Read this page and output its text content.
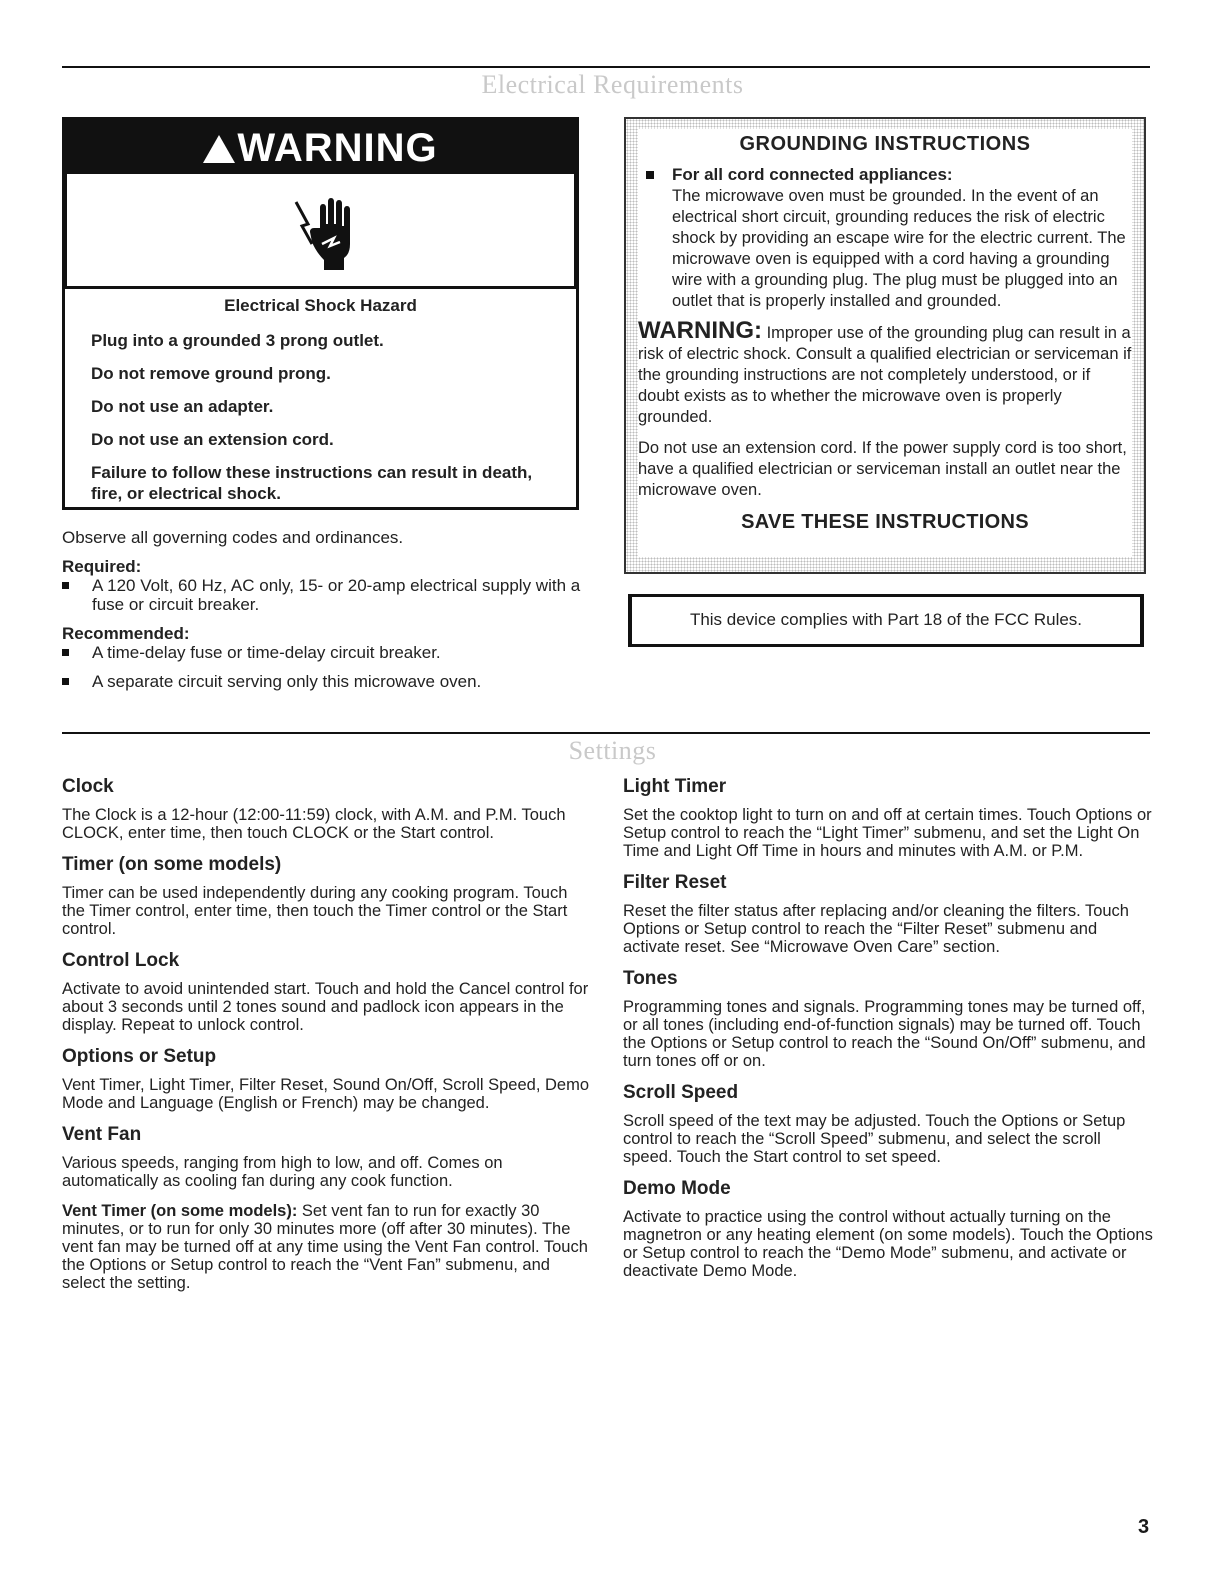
Electrical Requirements
WARNING

Electrical Shock Hazard

Plug into a grounded 3 prong outlet.

Do not remove ground prong.

Do not use an adapter.

Do not use an extension cord.

Failure to follow these instructions can result in death, fire, or electrical shock.

Observe all governing codes and ordinances.

Required:

A 120 Volt, 60 Hz, AC only, 15- or 20-amp electrical supply with a fuse or circuit breaker.

Recommended:

A time-delay fuse or time-delay circuit breaker.
A separate circuit serving only this microwave oven.
GROUNDING INSTRUCTIONS
For all cord connected appliances:
The microwave oven must be grounded. In the event of an electrical short circuit, grounding reduces the risk of electric shock by providing an escape wire for the electric current. The microwave oven is equipped with a cord having a grounding wire with a grounding plug. The plug must be plugged into an outlet that is properly installed and grounded.
WARNING: Improper use of the grounding plug can result in a risk of electric shock. Consult a qualified electrician or serviceman if the grounding instructions are not completely understood, or if doubt exists as to whether the microwave oven is properly grounded.
Do not use an extension cord. If the power supply cord is too short, have a qualified electrician or serviceman install an outlet near the microwave oven.
SAVE THESE INSTRUCTIONS
This device complies with Part 18 of the FCC Rules.
Settings
Clock

The Clock is a 12-hour (12:00-11:59) clock, with A.M. and P.M. Touch CLOCK, enter time, then touch CLOCK or the Start control.

Timer (on some models)

Timer can be used independently during any cooking program. Touch the Timer control, enter time, then touch the Timer control or the Start control.

Control Lock

Activate to avoid unintended start. Touch and hold the Cancel control for about 3 seconds until 2 tones sound and padlock icon appears in the display. Repeat to unlock control.

Options or Setup

Vent Timer, Light Timer, Filter Reset, Sound On/Off, Scroll Speed, Demo Mode and Language (English or French) may be changed.

Vent Fan

Various speeds, ranging from high to low, and off. Comes on automatically as cooling fan during any cook function.

Vent Timer (on some models): Set vent fan to run for exactly 30 minutes, or to run for only 30 minutes more (off after 30 minutes). The vent fan may be turned off at any time using the Vent Fan control. Touch the Options or Setup control to reach the “Vent Fan” submenu, and select the setting.

Light Timer

Set the cooktop light to turn on and off at certain times. Touch Options or Setup control to reach the “Light Timer” submenu, and set the Light On Time and Light Off Time in hours and minutes with A.M. or P.M.

Filter Reset

Reset the filter status after replacing and/or cleaning the filters. Touch Options or Setup control to reach the “Filter Reset” submenu and activate reset. See “Microwave Oven Care” section.

Tones

Programming tones and signals. Programming tones may be turned off, or all tones (including end-of-function signals) may be turned off. Touch the Options or Setup control to reach the “Sound On/Off” submenu, and turn tones off or on.

Scroll Speed

Scroll speed of the text may be adjusted. Touch the Options or Setup control to reach the “Scroll Speed” submenu, and select the scroll speed. Touch the Start control to set speed.

Demo Mode

Activate to practice using the control without actually turning on the magnetron or any heating element (on some models). Touch the Options or Setup control to reach the “Demo Mode” submenu, and activate or deactivate Demo Mode.

3
